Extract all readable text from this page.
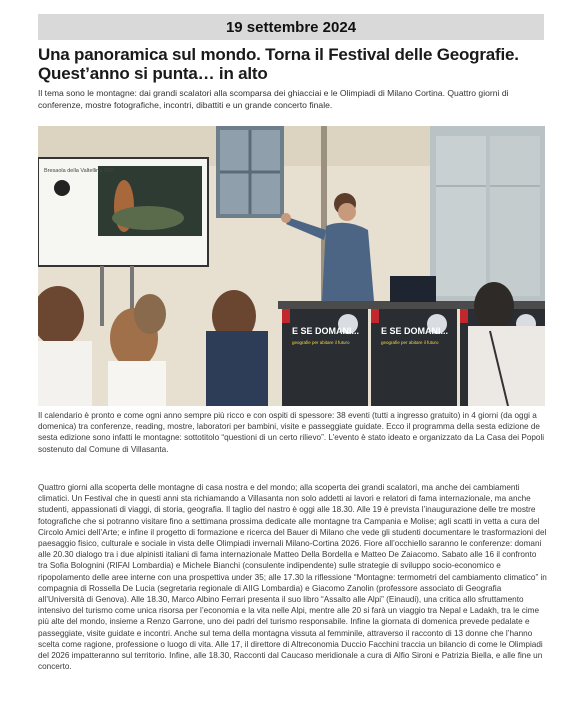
19 settembre 2024
Una panoramica sul mondo. Torna il Festival delle Geografie. Quest’anno si punta… in alto

Il tema sono le montagne: dai grandi scalatori alla scomparsa dei ghiacciai e le Olimpiadi di Milano Cortina. Quattro giorni di conferenze, mostre fotografiche, incontri, dibattiti e un grande concerto finale.

Bresaola della Valtellina IGP
E SE DOMANI... E SE DOMANI...
geografie per abitare il futuro	geografie per abitare il futuro

Il calendario è pronto e come ogni anno sempre più ricco e con ospiti di spessore: 38 eventi (tutti a ingresso gratuito) in 4 giorni (da oggi a domenica) tra conferenze, reading, mostre, laboratori per bambini, visite e passeggiate guidate. Ecco il programma della sesta edizione de sesta edizione sono infatti le montagne: sottotitolo “questioni di un certo rilievo”. L’evento è stato ideato e organizzato da La Casa dei Popoli sostenuto dal Comune di Villasanta.

Quattro giorni alla scoperta delle montagne di casa nostra e del mondo; alla scoperta dei grandi scalatori, ma anche dei cambiamenti climatici. Un Festival che in questi anni sta richiamando a Villasanta non solo addetti ai lavori e relatori di fama internazionale, ma anche studenti, appassionati di viaggi, di storia, geografia. Il taglio del nastro è oggi alle 18.30. Alle 19 è prevista l’inaugurazione delle tre mostre fotografiche che si potranno visitare fino a settimana prossima dedicate alle montagne tra Campania e Molise; agli scatti in vetta a cura del Circolo Amici dell’Arte; e infine il progetto di formazione e ricerca del Bauer di Milano che vede gli studenti documentare le trasformazioni del paesaggio fisico, culturale e sociale in vista delle Olimpiadi invernali Milano-Cortina 2026. Fiore all’occhiello saranno le conferenze: domani alle 20.30 dialogo tra i due alpinisti italiani di fama internazionale Matteo Della Bordella e Matteo De Zaiacomo. Sabato alle 16 il confronto tra Sofia Bolognini (RIFAI Lombardia) e Michele Bianchi (consulente indipendente) sulle strategie di sviluppo socio-economico e ripopolamento delle aree interne con una prospettiva under 35; alle 17.30 la riflessione “Montagne: termometri del cambiamento climatico” in compagnia di Rossella De Lucia (segretaria regionale di AIIG Lombardia) e Giacomo Zanolin (professore associato di Geografia all’Università di Genova). Alle 18.30, Marco Albino Ferrari presenta il suo libro “Assalto alle Alpi” (Einaudi), una critica allo sfruttamento intensivo del turismo come unica risorsa per l’economia e la vita nelle Alpi, mentre alle 20 si farà un viaggio tra Nepal e Ladakh, tra le cime più alte del mondo, insieme a Renzo Garrone, uno dei padri del turismo responsabile. Infine la giornata di domenica prevede pedalate e passeggiate, visite guidate e incontri. Anche sul tema della montagna vissuta al femminile, attraverso il racconto di 13 donne che l’hanno scelta come ragione, professione o luogo di vita. Alle 17, il direttore di Altreconomia Duccio Facchini traccia un bilancio di come le Olimpiadi del 2026 impatteranno sul territorio. Infine, alle 18.30, Racconti dal Caucaso meridionale a cura di Alfio Sironi e Patrizia Biella, e alle fine un concerto.
